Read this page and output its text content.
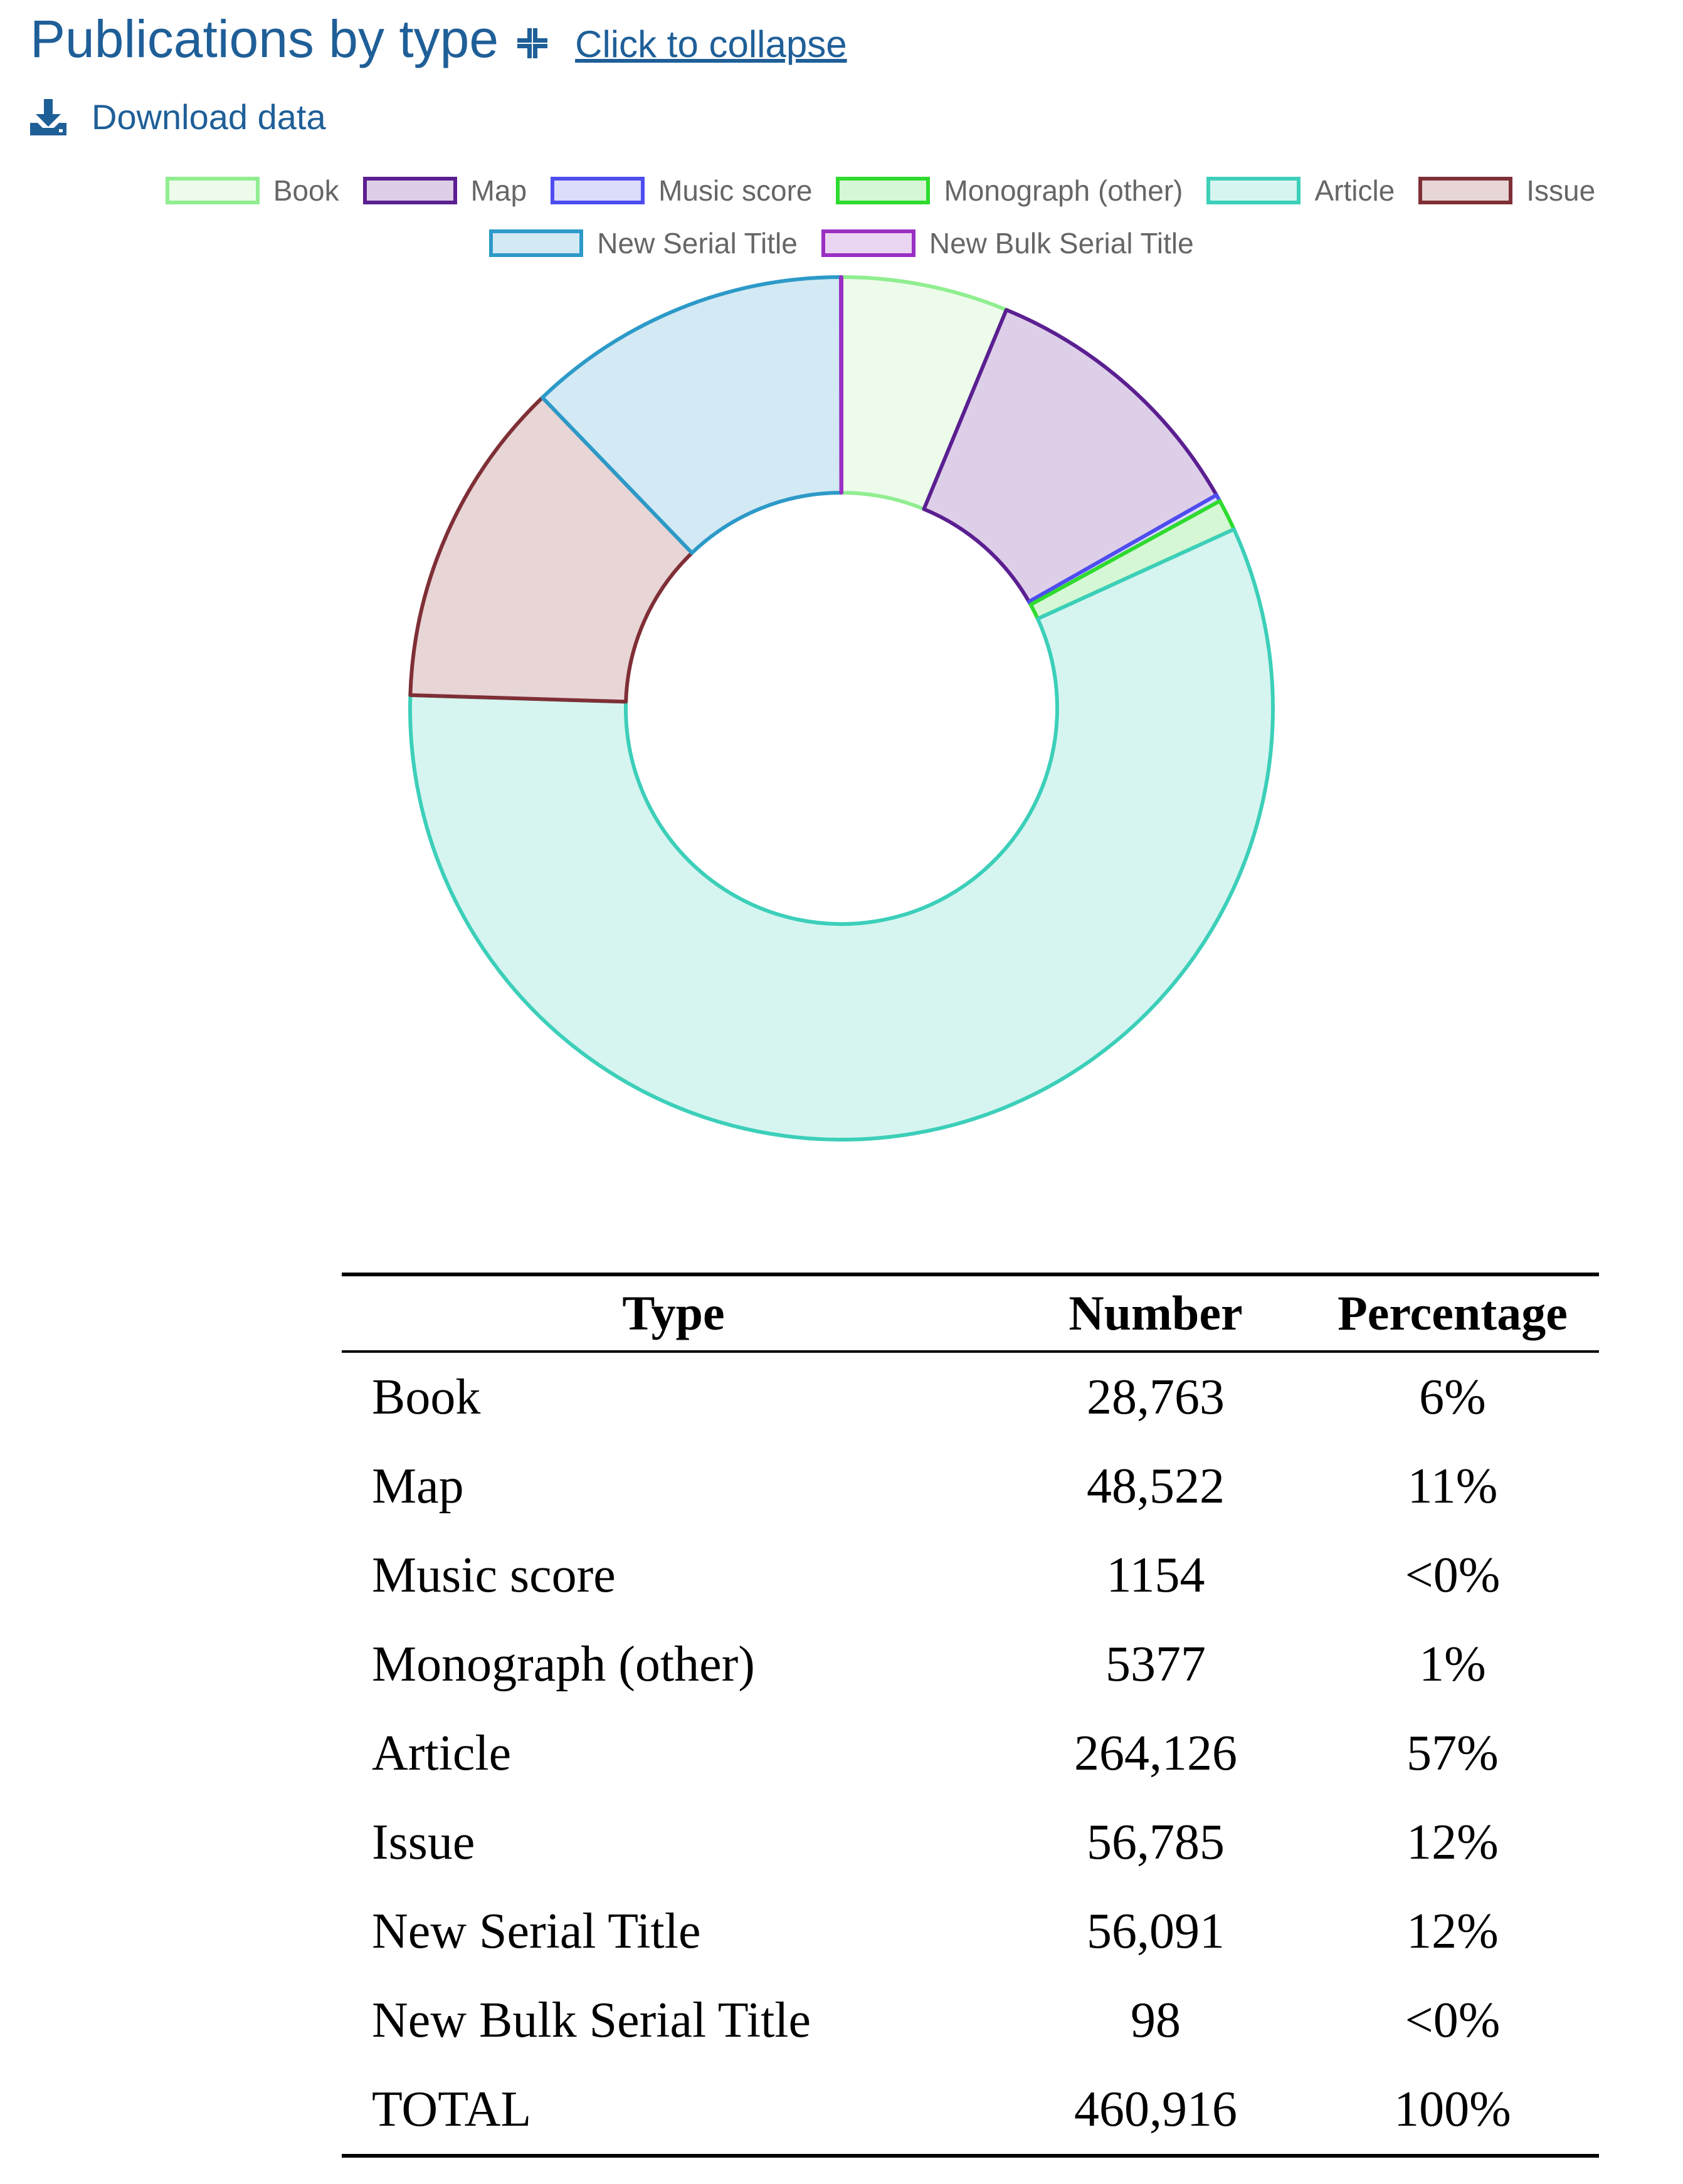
Publications by type Click to collapse
Download data
Book	Map	Music score	Monograph (other)	Article	Issue
New Serial Title	New Bulk Serial Title
Type	Number	Percentage
Book	28,763	6%
Map	48,522	11%
Music score	1154	<0%
Monograph (other)	5377	1%
Article	264,126	57%
Issue	56,785	12%
New Serial Title	56,091	12%
New Bulk Serial Title	98	<0%
TOTAL	460,916	100%
